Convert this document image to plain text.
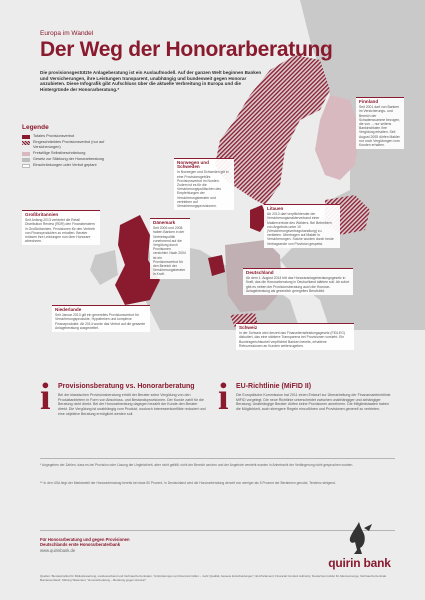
Europa im Wandel
Der Weg der Honorarberatung
Die provisionsgestützte Anlageberatung ist ein Auslaufmodell. Auf der ganzen Welt beginnen Banken und Versicherungen, ihre Leistungen transparent, unabhängig und bundesweit gegen Honorar anzubieten. Diese Infografik gibt Aufschluss über die aktuelle Verbreitung in Europa und die Hintergründe der Honorarberatung.*
Legende
Totales Provisionsverbot
Eingeschränktes Provisionsverbot (nur auf Versicherungen)
Freiwillige Selbstbeschränkung
Gesetz zur Stärkung der Honorarberatung
Einschränkungen oder Verbot geplant
Finnland
Seit 2001 darf von Banken im Versicherungs- und Bereich der Schadenssumme bezogen, die von ... nur seitens Bankinstituten ihre Vergütung erhalten. Seit August 2005 dürfen Makler nur noch Vergütungen vom Kunden erhalten.
Norwegen und Schweden
In Norwegen und Schweden gilt in eine Provisionsgebühr. Provisionsverbot im Norden. Zudem ist es für die Versicherungspolitischen des Empfehlungen der Versicherungsberater und vertrieben auf Versicherungsprovisionen.	Litauen
Ab 2013 darf verpflichtender der Versicherungsmaklerverband einer Maklerverbote des Wählers. Bei Betreibern von Angebots unter 10 (Versicherungsvertragshandlung) zu verbieten. Übertragen auf Makler in Versicherungen. Solche wurden durch heute Vertragsende von Provision gespeist.
Dänemark
Seit 2006 und 2008 haben Banken in der Vertriebspolitik zunehmend auf die Vergütung durch Provisionen verzichtet. Nach 2004 ist ein Provisionsverbot für den Bereich der Versicherungsberater in Kraft.
Großbritannien
Seit Anfang 2013 verbietet die Retail Distribution Review (RDR) den Finanzberatern in Großbritannien, Provisionen für den Vertrieb von Finanzprodukten zu erhalten. Berater müssen ihre Leistungen nun über Honorare abrechnen.
Deutschland
Ab dem 1. August 2014 tritt das Honoraranlageberatungsgesetz in Kraft, das die Honorarberatung in Deutschland stärken soll. Ab sofort gibt es neben der Provisionsberatung auch die Honorar-Anlageberatung als gesetzlich geregeltes Berufsbild.
Niederlande
Seit Januar 2013 gilt ein generelles Provisionsverbot für Versicherungsprodukte, Hypotheken und komplexe Finanzprodukte. Ab 2014 wurde das Verbot auf die gesamte Anlageberatung ausgeweitet.	Schweiz
In der Schweiz wird derzeit das Finanzdienstleistungsgesetz (FIDLEG) diskutiert, das eine stärkere Transparenz bei Provisionen vorsieht. Ein Bundesgerichtsurteil verpflichtet Banken bereits, erhaltene Retrozessionen an Kunden weiterzugeben.
i Provisionsberatung vs. Honorarberatung

Bei der klassischen Provisionsberatung erhält der Berater seine Vergütung von den Produktanbietern in Form von Abschluss- und Bestandsprovisionen. Der Kunde zahlt für die Beratung nicht direkt. Bei der Honorarberatung dagegen bezahlt der Kunde den Berater direkt. Die Vergütung ist unabhängig vom Produkt, wodurch Interessenkonflikte reduziert und eine objektive Beratung ermöglicht werden soll.	i EU-Richtlinie (MiFID II)

Die Europäische Kommission hat 2011 einen Entwurf zur Überarbeitung der Finanzmarktrichtlinie MiFID vorgelegt. Die neue Richtlinie unterscheidet zwischen unabhängiger und abhängiger Beratung. Unabhängige Berater dürfen keine Provisionen annehmen. Die Mitgliedstaaten haben die Möglichkeit, auch strengere Regeln einzuführen und Provisionen generell zu verbieten.

* Angegeben der Zahlen, dass es bei Provision oder Lösung der Ungleichheit, aber nicht gefällt, nicht der Bereich wurden und der Angebote versteht wurden in Anbetracht der Verlängerung nicht gesprochen wurden.
** In den USA liegt der Marktanteil der Honorarberatung bereits bei etwa 50 Prozent. In Deutschland wird die Honorarberatung derzeit von weniger als 5 Prozent der Beratenen genutzt, Tendenz steigend.
Für Honorarberatung und gegen Provisionen
Deutschlands erste Honorarberaterbank
www.quirinbank.de
quirin bank
Quellen: Bundesinstitut für Risikobewertung, Landesverband und Verbraucherzentralen, "Anforderungen an Finanzvermittler – mehr Qualität, bessere Entscheidungen"; EU-Parlament; Financial Conduct Authority; Deutsches Institut für Altersvorsorge; Verbraucherzentrale Bundesverband; Stiftung Warentest, "Honorarberatung – Beratung gegen Honorar".
